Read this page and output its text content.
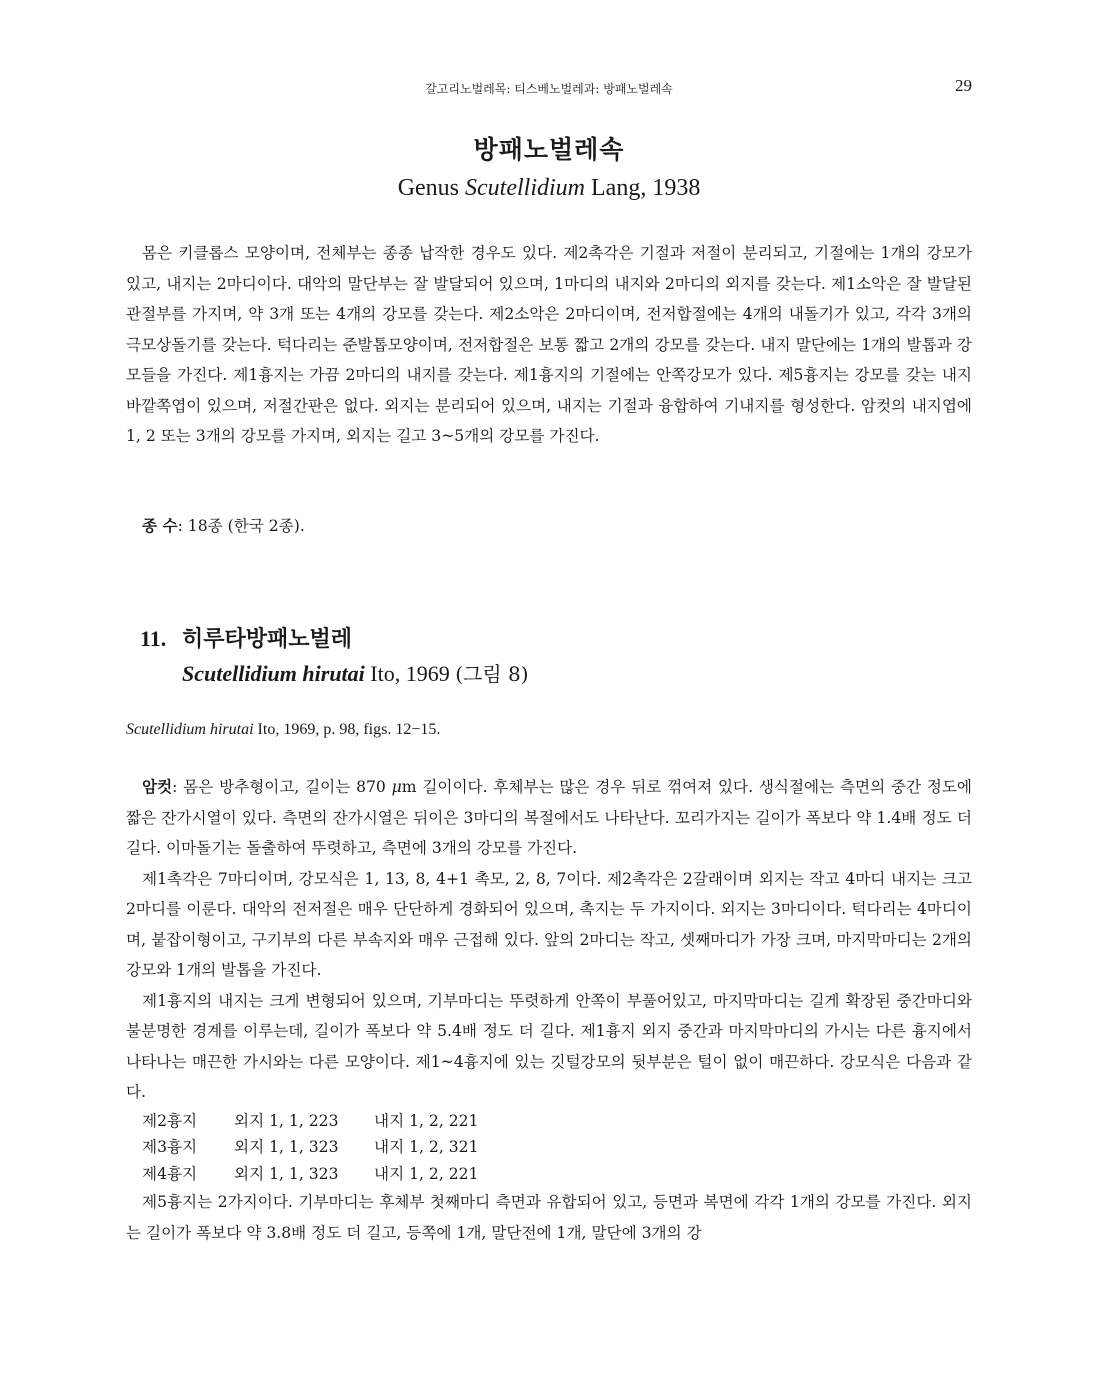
갈고리노벌레목: 티스베노벌레과: 방패노벌레속	29
방패노벌레속
Genus Scutellidium Lang, 1938

몸은 키클롭스 모양이며, 전체부는 종종 납작한 경우도 있다. 제2촉각은 기절과 저절이 분리되고, 기절에는 1개의 강모가 있고, 내지는 2마디이다. 대악의 말단부는 잘 발달되어 있으며, 1마디의 내지와 2마디의 외지를 갖는다. 제1소악은 잘 발달된 관절부를 가지며, 약 3개 또는 4개의 강모를 갖는다. 제2소악은 2마디이며, 전저합절에는 4개의 내돌기가 있고, 각각 3개의 극모상돌기를 갖는다. 턱다리는 준발톱모양이며, 전저합절은 보통 짧고 2개의 강모를 갖는다. 내지 말단에는 1개의 발톱과 강모들을 가진다. 제1흉지는 가끔 2마디의 내지를 갖는다. 제1흉지의 기절에는 안쪽강모가 있다. 제5흉지는 강모를 갖는 내지 바깥쪽엽이 있으며, 저절간판은 없다. 외지는 분리되어 있으며, 내지는 기절과 융합하여 기내지를 형성한다. 암컷의 내지엽에 1, 2 또는 3개의 강모를 가지며, 외지는 길고 3~5개의 강모를 가진다.

종 수: 18종 (한국 2종).

11. 히루타방패노벌레
Scutellidium hirutai Ito, 1969 (그림 8)

Scutellidium hirutai Ito, 1969, p. 98, figs. 12−15.

암컷: 몸은 방추형이고, 길이는 870 μm 길이이다. 후체부는 많은 경우 뒤로 꺾여져 있다. 생식절에는 측면의 중간 정도에 짧은 잔가시열이 있다. 측면의 잔가시열은 뒤이은 3마디의 복절에서도 나타난다. 꼬리가지는 길이가 폭보다 약 1.4배 정도 더 길다. 이마돌기는 돌출하여 뚜렷하고, 측면에 3개의 강모를 가진다.

제1촉각은 7마디이며, 강모식은 1, 13, 8, 4+1 촉모, 2, 8, 7이다. 제2촉각은 2갈래이며 외지는 작고 4마디 내지는 크고 2마디를 이룬다. 대악의 전저절은 매우 단단하게 경화되어 있으며, 촉지는 두 가지이다. 외지는 3마디이다. 턱다리는 4마디이며, 붙잡이형이고, 구기부의 다른 부속지와 매우 근접해 있다. 앞의 2마디는 작고, 셋째마디가 가장 크며, 마지막마디는 2개의 강모와 1개의 발톱을 가진다.

제1흉지의 내지는 크게 변형되어 있으며, 기부마디는 뚜렷하게 안쪽이 부풀어있고, 마지막마디는 길게 확장된 중간마디와 불분명한 경계를 이루는데, 길이가 폭보다 약 5.4배 정도 더 길다. 제1흉지 외지 중간과 마지막마디의 가시는 다른 흉지에서 나타나는 매끈한 가시와는 다른 모양이다. 제1~4흉지에 있는 깃털강모의 뒷부분은 털이 없이 매끈하다. 강모식은 다음과 같다.

제2흉지	외지 1, 1, 223	내지 1, 2, 221
제3흉지	외지 1, 1, 323	내지 1, 2, 321
제4흉지	외지 1, 1, 323	내지 1, 2, 221

제5흉지는 2가지이다. 기부마디는 후체부 첫째마디 측면과 유합되어 있고, 등면과 복면에 각각 1개의 강모를 가진다. 외지는 길이가 폭보다 약 3.8배 정도 더 길고, 등쪽에 1개, 말단전에 1개, 말단에 3개의 강
